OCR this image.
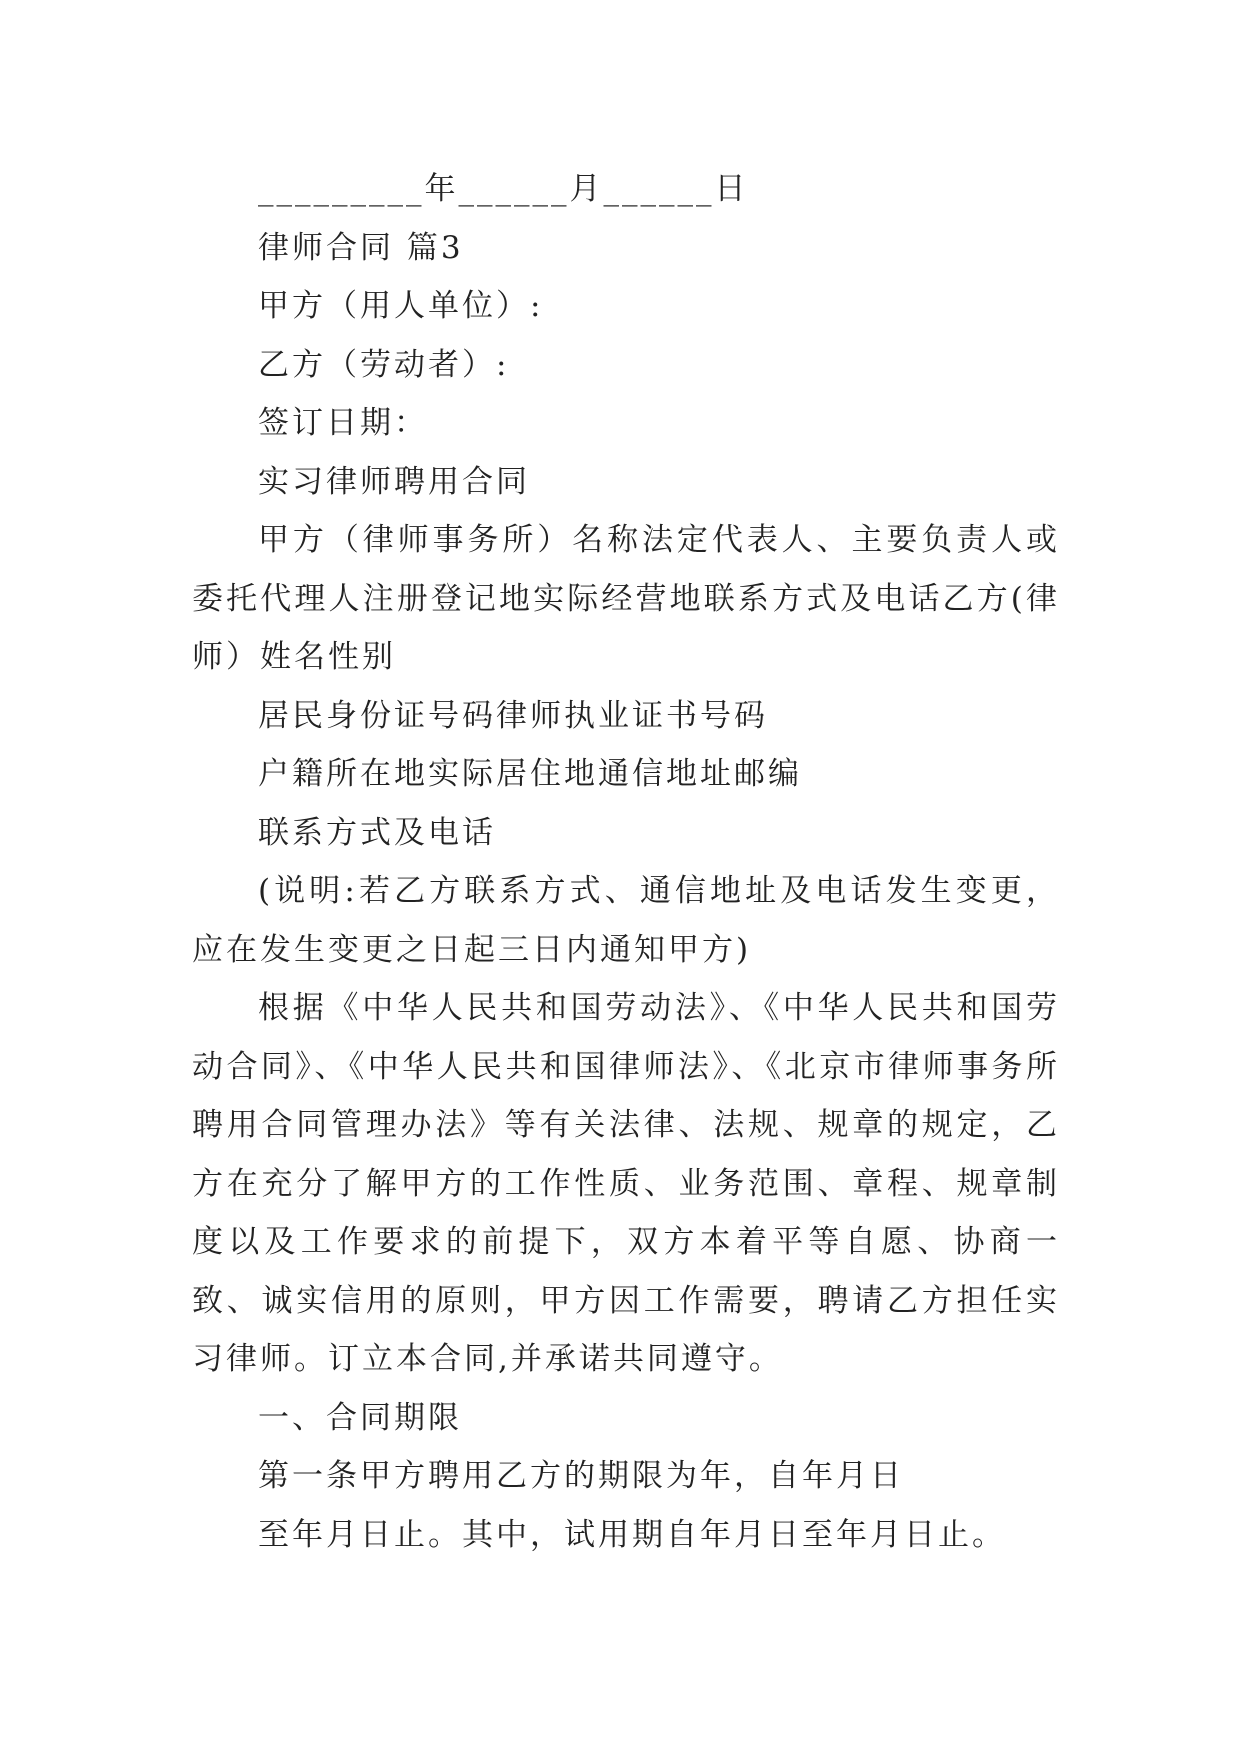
_________年______月______日

律师合同 篇3

甲方（用人单位）:

乙方（劳动者）:

签订日期：

实习律师聘用合同

甲方（律师事务所）名称法定代表人、主要负责人或委托代理人注册登记地实际经营地联系方式及电话乙方(律师）姓名性别

居民身份证号码律师执业证书号码

户籍所在地实际居住地通信地址邮编

联系方式及电话

(说明:若乙方联系方式、通信地址及电话发生变更，应在发生变更之日起三日内通知甲方)

根据《中华人民共和国劳动法》、《中华人民共和国劳动合同》、《中华人民共和国律师法》、《北京市律师事务所聘用合同管理办法》等有关法律、法规、规章的规定，乙方在充分了解甲方的工作性质、业务范围、章程、规章制度以及工作要求的前提下，双方本着平等自愿、协商一致、诚实信用的原则，甲方因工作需要，聘请乙方担任实习律师。订立本合同,并承诺共同遵守。

一、合同期限

第一条甲方聘用乙方的期限为年，自年月日

至年月日止。其中，试用期自年月日至年月日止。
